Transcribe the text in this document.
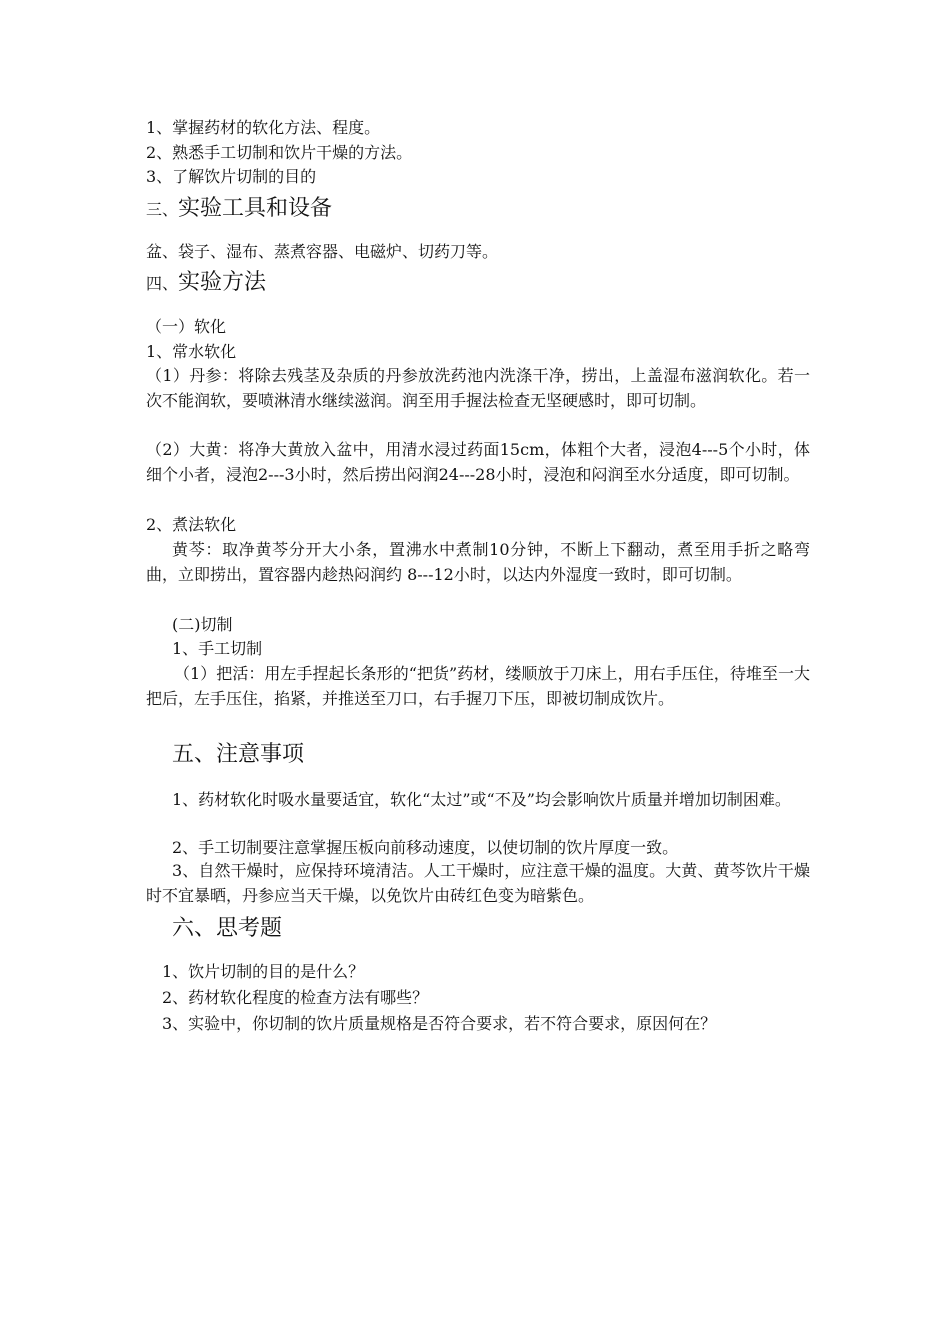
1、掌握药材的软化方法、程度。
2、熟悉手工切制和饮片干燥的方法。
3、了解饮片切制的目的
三、实验工具和设备
盆、袋子、湿布、蒸煮容器、电磁炉、切药刀等。
四、实验方法
（一）软化
1、常水软化
（1）丹参：将除去残茎及杂质的丹参放洗药池内洗涤干净，捞出，上盖湿布滋润软化。若一次不能润软，要喷淋清水继续滋润。润至用手握法检查无坚硬感时，即可切制。
（2）大黄：将净大黄放入盆中，用清水浸过药面15cm，体粗个大者，浸泡4---5个小时，体细个小者，浸泡2---3小时，然后捞出闷润24---28小时，浸泡和闷润至水分适度，即可切制。
2、煮法软化
黄芩：取净黄芩分开大小条，置沸水中煮制10分钟，不断上下翻动，煮至用手折之略弯曲，立即捞出，置容器内趁热闷润约 8---12小时，以达内外湿度一致时，即可切制。
(二)切制
1、手工切制
（1）把活：用左手捏起长条形的“把货”药材，缕顺放于刀床上，用右手压住，待堆至一大把后，左手压住，掐紧，并推送至刀口，右手握刀下压，即被切制成饮片。
五、注意事项
1、药材软化时吸水量要适宜，软化“太过”或“不及”均会影响饮片质量并增加切制困难。
2、手工切制要注意掌握压板向前移动速度，以使切制的饮片厚度一致。
3、自然干燥时，应保持环境清洁。人工干燥时，应注意干燥的温度。大黄、黄芩饮片干燥时不宜暴晒，丹参应当天干燥，以免饮片由砖红色变为暗紫色。
六、思考题
1、饮片切制的目的是什么？
2、药材软化程度的检查方法有哪些？
3、实验中，你切制的饮片质量规格是否符合要求，若不符合要求，原因何在？
